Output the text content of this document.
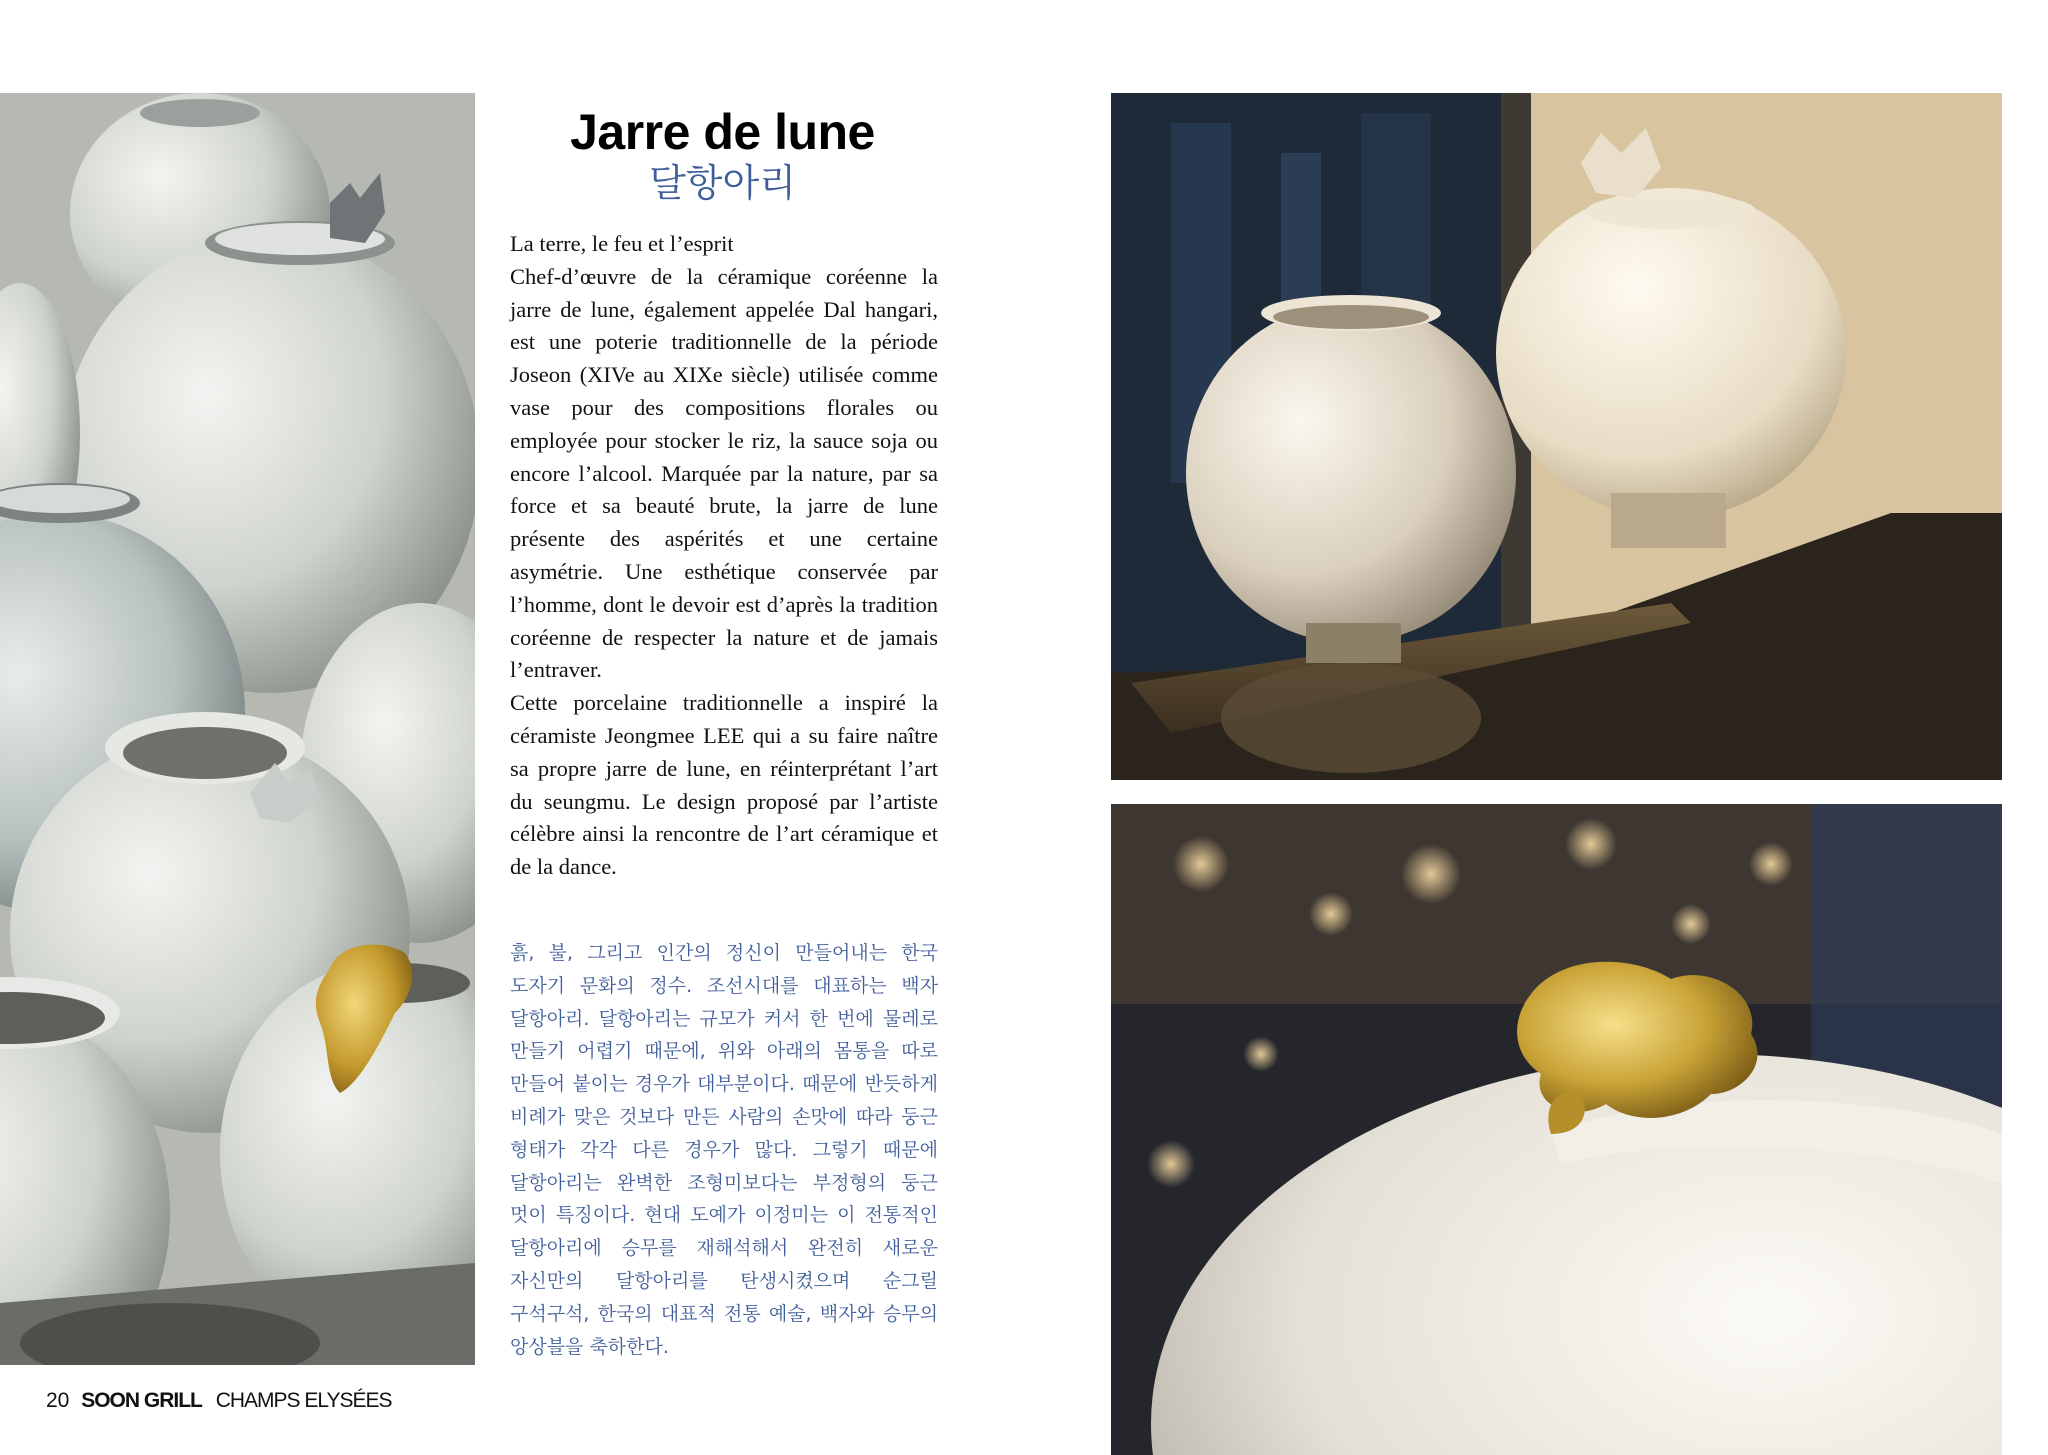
Jarre de lune
달항아리

La terre, le feu et l’esprit

Chef-d’œuvre de la céramique coréenne la jarre de lune, également appelée Dal hangari, est une poterie traditionnelle de la période Joseon (XIVe au XIXe siècle) utilisée comme vase pour des compositions florales ou employée pour stocker le riz, la sauce soja ou encore l’alcool. Marquée par la nature, par sa force et sa beauté brute, la jarre de lune présente des aspérités et une certaine asymétrie. Une esthétique conservée par l’homme, dont le devoir est d’après la tradition coréenne de respecter la nature et de jamais l’entraver.

Cette porcelaine traditionnelle a inspiré la céramiste Jeongmee LEE qui a su faire naître sa propre jarre de lune, en réinterprétant l’art du seungmu. Le design proposé par l’artiste célèbre ainsi la rencontre de l’art céramique et de la dance.

흙, 불, 그리고 인간의 정신이 만들어내는 한국 도자기 문화의 정수. 조선시대를 대표하는 백자 달항아리. 달항아리는 규모가 커서 한 번에 물레로 만들기 어렵기 때문에, 위와 아래의 몸통을 따로 만들어 붙이는 경우가 대부분이다. 때문에 반듯하게 비례가 맞은 것보다 만든 사람의 손맛에 따라 둥근 형태가 각각 다른 경우가 많다. 그렇기 때문에 달항아리는 완벽한 조형미보다는 부정형의 둥근 멋이 특징이다. 현대 도예가 이정미는 이 전통적인 달항아리에 승무를 재해석해서 완전히 새로운 자신만의 달항아리를 탄생시켰으며 순그릴 구석구석, 한국의 대표적 전통 예술, 백자와 승무의 앙상블을 축하한다.
20 SOON GRILL CHAMPS ELYSÉES
